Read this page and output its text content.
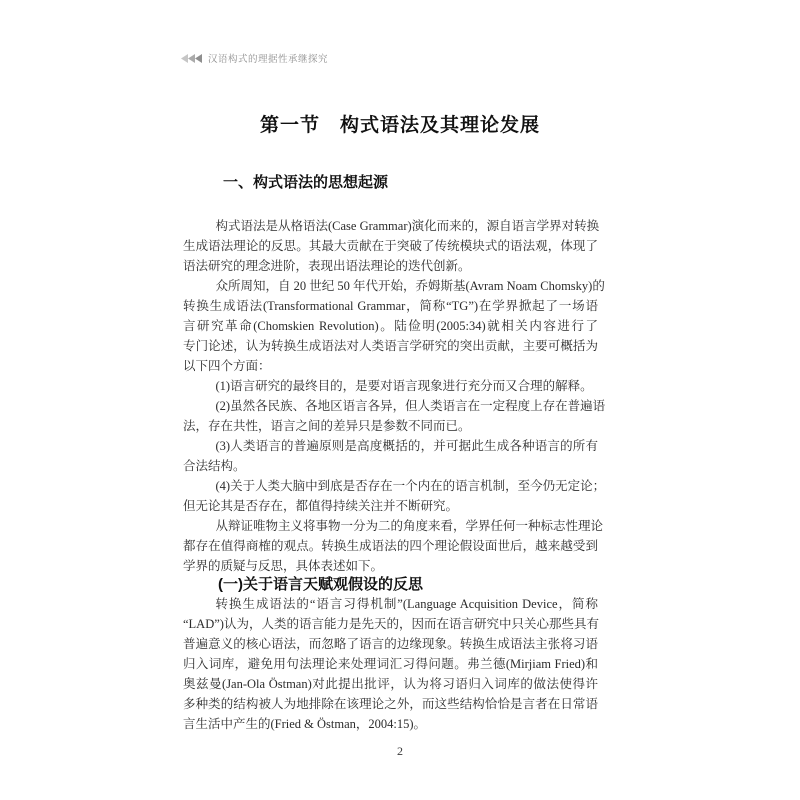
汉语构式的理据性承继探究
第一节　构式语法及其理论发展
一、构式语法的思想起源
构式语法是从格语法(Case Grammar)演化而来的，源自语言学界对转换
生成语法理论的反思。其最大贡献在于突破了传统模块式的语法观，体现了
语法研究的理念进阶，表现出语法理论的迭代创新。
众所周知，自 20 世纪 50 年代开始，乔姆斯基(Avram Noam Chomsky)的
转换生成语法(Transformational Grammar，简称“TG”)在学界掀起了一场语
言研究革命(Chomskien Revolution)。陆俭明(2005:34)就相关内容进行了
专门论述，认为转换生成语法对人类语言学研究的突出贡献，主要可概括为
以下四个方面：
(1)语言研究的最终目的，是要对语言现象进行充分而又合理的解释。
(2)虽然各民族、各地区语言各异，但人类语言在一定程度上存在普遍语
法，存在共性，语言之间的差异只是参数不同而已。
(3)人类语言的普遍原则是高度概括的，并可据此生成各种语言的所有
合法结构。
(4)关于人类大脑中到底是否存在一个内在的语言机制，至今仍无定论；
但无论其是否存在，都值得持续关注并不断研究。
从辩证唯物主义将事物一分为二的角度来看，学界任何一种标志性理论
都存在值得商榷的观点。转换生成语法的四个理论假设面世后，越来越受到
学界的质疑与反思，具体表述如下。
(一)关于语言天赋观假设的反思
转换生成语法的“语言习得机制”(Language Acquisition Device，简称
“LAD”)认为，人类的语言能力是先天的，因而在语言研究中只关心那些具有
普遍意义的核心语法，而忽略了语言的边缘现象。转换生成语法主张将习语
归入词库，避免用句法理论来处理词汇习得问题。弗兰德(Mirjiam Fried)和
奥兹曼(Jan-Ola Östman)对此提出批评，认为将习语归入词库的做法使得许
多种类的结构被人为地排除在该理论之外，而这些结构恰恰是言者在日常语
言生活中产生的(Fried & Östman，2004:15)。
2
